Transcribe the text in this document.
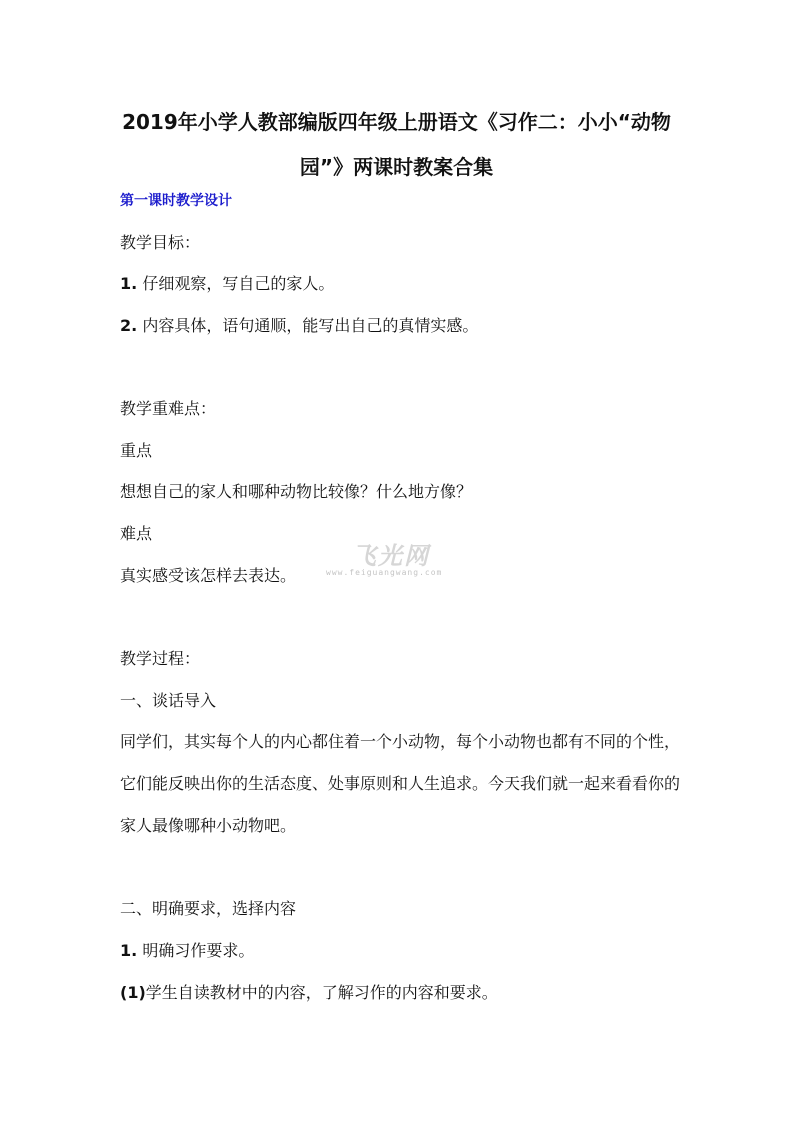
2019年小学人教部编版四年级上册语文《习作二：小小“动物园”》两课时教案合集
第一课时教学设计
教学目标：
1. 仔细观察，写自己的家人。
2. 内容具体，语句通顺，能写出自己的真情实感。
教学重难点：
重点
想想自己的家人和哪种动物比较像？什么地方像？
难点
真实感受该怎样去表达。
飞光网
www.feiguangwang.com
教学过程：
一、谈话导入
同学们，其实每个人的内心都住着一个小动物，每个小动物也都有不同的个性，它们能反映出你的生活态度、处事原则和人生追求。今天我们就一起来看看你的家人最像哪种小动物吧。
二、明确要求，选择内容
1. 明确习作要求。
(1)学生自读教材中的内容，了解习作的内容和要求。
